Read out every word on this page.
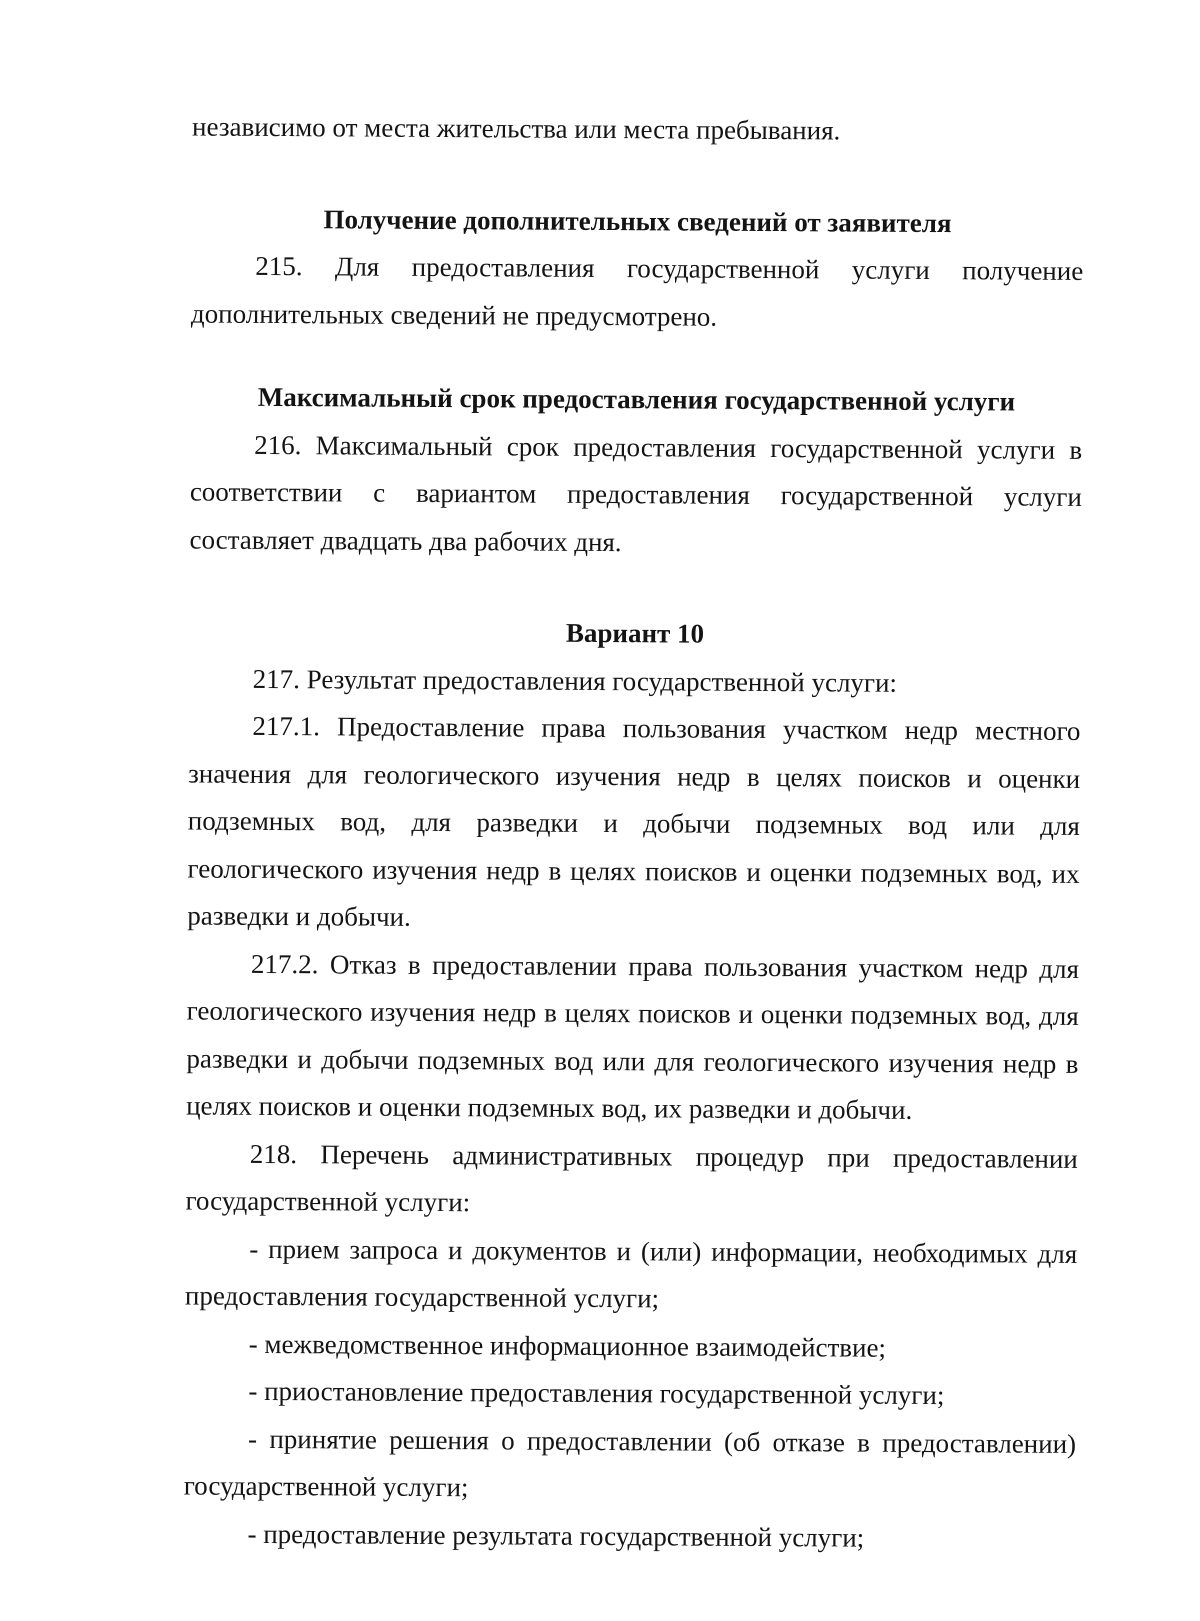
независимо от места жительства или места пребывания.

Получение дополнительных сведений от заявителя

215. Для предоставления государственной услуги получение дополнительных сведений не предусмотрено.

Максимальный срок предоставления государственной услуги

216. Максимальный срок предоставления государственной услуги в соответствии с вариантом предоставления государственной услуги составляет двадцать два рабочих дня.

Вариант 10

217. Результат предоставления государственной услуги:

217.1. Предоставление права пользования участком недр местного значения для геологического изучения недр в целях поисков и оценки подземных вод, для разведки и добычи подземных вод или для геологического изучения недр в целях поисков и оценки подземных вод, их разведки и добычи.

217.2. Отказ в предоставлении права пользования участком недр для геологического изучения недр в целях поисков и оценки подземных вод, для разведки и добычи подземных вод или для геологического изучения недр в целях поисков и оценки подземных вод, их разведки и добычи.

218. Перечень административных процедур при предоставлении государственной услуги:

- прием запроса и документов и (или) информации, необходимых для предоставления государственной услуги;

- межведомственное информационное взаимодействие;

- приостановление предоставления государственной услуги;

- принятие решения о предоставлении (об отказе в предоставлении) государственной услуги;

- предоставление результата государственной услуги;
